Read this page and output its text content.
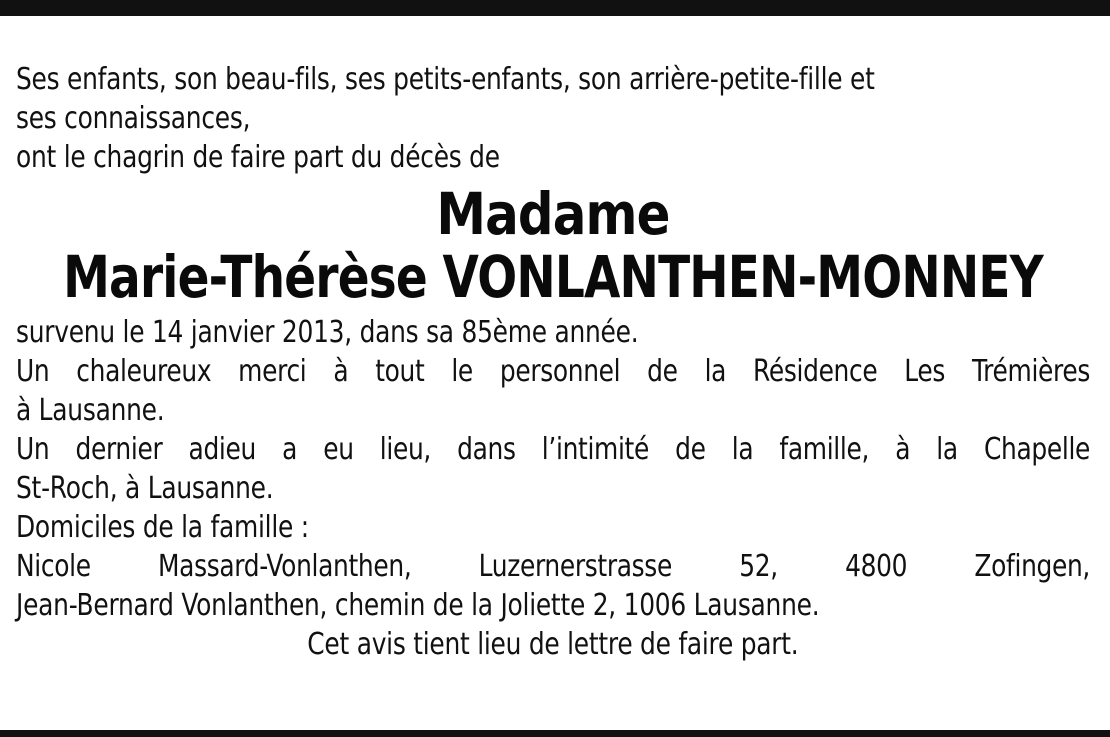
Ses enfants, son beau-fils, ses petits-enfants, son arrière-petite-fille et
ses connaissances,
ont le chagrin de faire part du décès de
Madame
Marie-Thérèse VONLANTHEN-MONNEY
survenu le 14 janvier 2013, dans sa 85ème année.
Un chaleureux merci à tout le personnel de la Résidence Les Trémières
à Lausanne.
Un dernier adieu a eu lieu, dans l’intimité de la famille, à la Chapelle
St-Roch, à Lausanne.
Domiciles de la famille :
Nicole Massard-Vonlanthen, Luzernerstrasse 52, 4800 Zofingen,
Jean-Bernard Vonlanthen, chemin de la Joliette 2, 1006 Lausanne.
Cet avis tient lieu de lettre de faire part.
